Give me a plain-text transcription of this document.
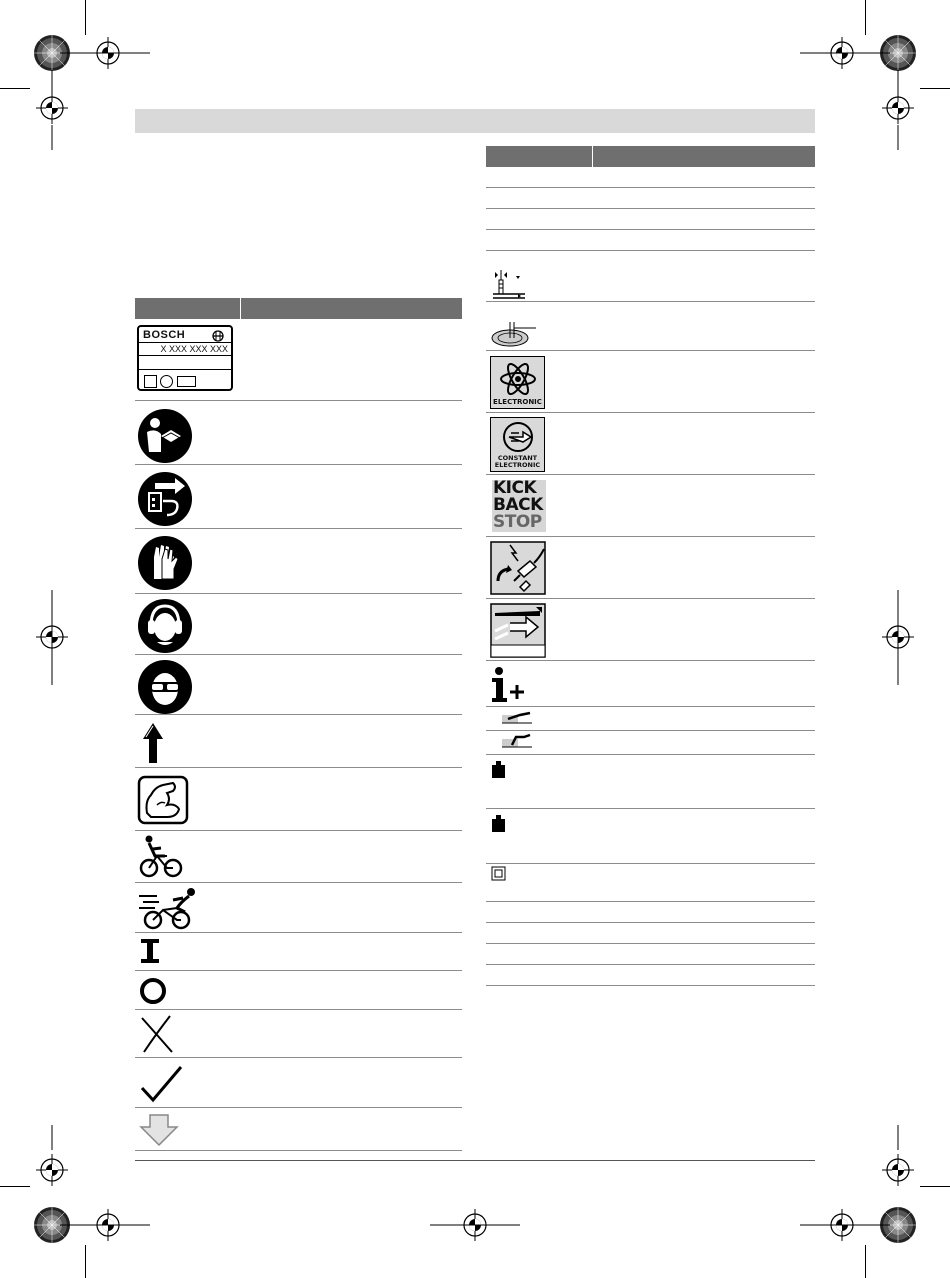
BOSCH
X XXX XXX XXX
ELECTRONIC
CONSTANT
ELECTRONIC
KICK
BACK
STOP
